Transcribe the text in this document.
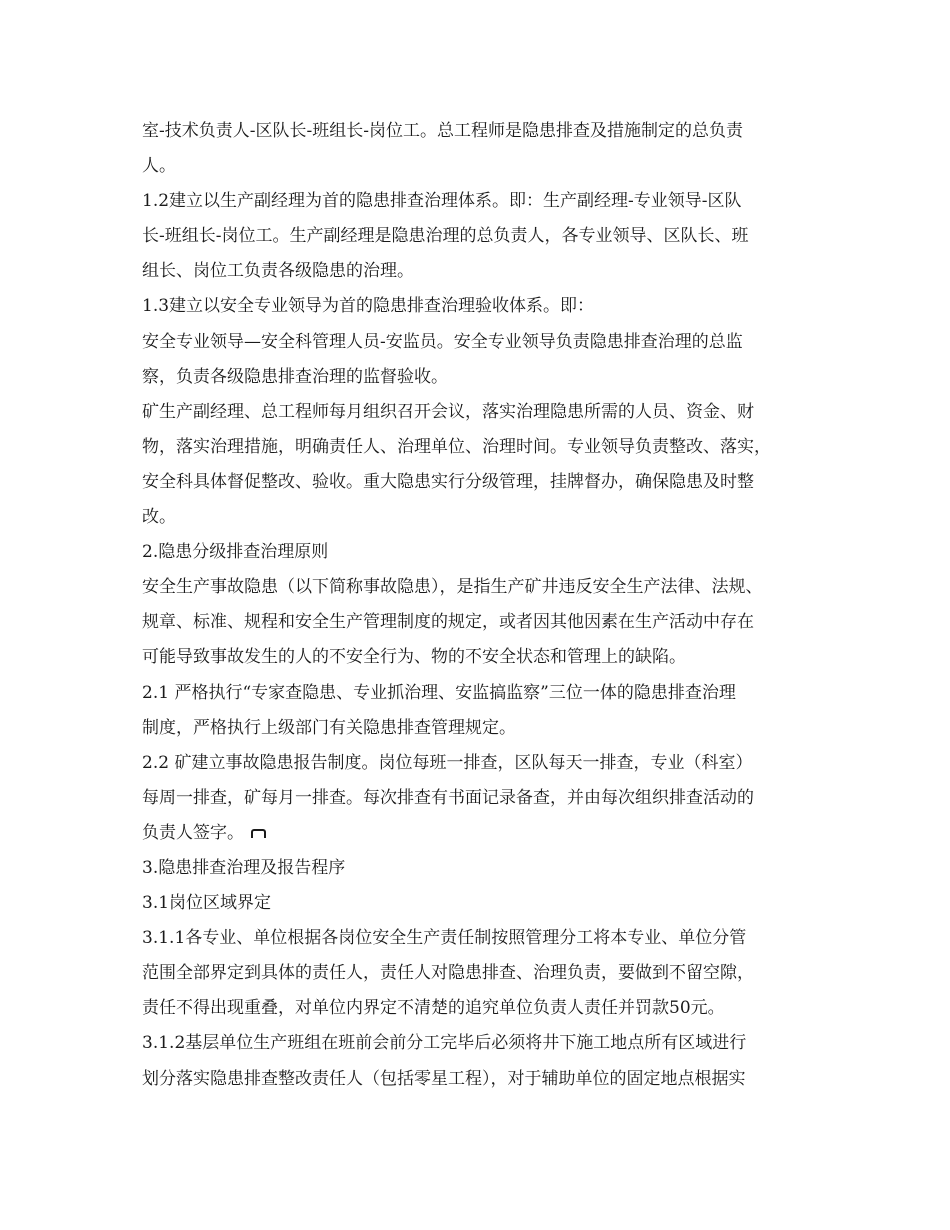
室-技术负责人-区队长-班组长-岗位工。总工程师是隐患排查及措施制定的总负责
人。
1.2建立以生产副经理为首的隐患排查治理体系。即：生产副经理-专业领导-区队
长-班组长-岗位工。生产副经理是隐患治理的总负责人，各专业领导、区队长、班
组长、岗位工负责各级隐患的治理。
1.3建立以安全专业领导为首的隐患排查治理验收体系。即：
安全专业领导—安全科管理人员-安监员。安全专业领导负责隐患排查治理的总监
察，负责各级隐患排查治理的监督验收。
矿生产副经理、总工程师每月组织召开会议，落实治理隐患所需的人员、资金、财
物，落实治理措施，明确责任人、治理单位、治理时间。专业领导负责整改、落实，
安全科具体督促整改、验收。重大隐患实行分级管理，挂牌督办，确保隐患及时整
改。
2.隐患分级排查治理原则
安全生产事故隐患（以下简称事故隐患），是指生产矿井违反安全生产法律、法规、
规章、标准、规程和安全生产管理制度的规定，或者因其他因素在生产活动中存在
可能导致事故发生的人的不安全行为、物的不安全状态和管理上的缺陷。
2.1 严格执行“专家查隐患、专业抓治理、安监搞监察”三位一体的隐患排查治理
制度，严格执行上级部门有关隐患排查管理规定。
2.2 矿建立事故隐患报告制度。岗位每班一排查，区队每天一排查，专业（科室）
每周一排查，矿每月一排查。每次排查有书面记录备查，并由每次组织排查活动的
负责人签字。
3.隐患排查治理及报告程序
3.1岗位区域界定
3.1.1各专业、单位根据各岗位安全生产责任制按照管理分工将本专业、单位分管
范围全部界定到具体的责任人，责任人对隐患排查、治理负责，要做到不留空隙，
责任不得出现重叠，对单位内界定不清楚的追究单位负责人责任并罚款50元。
3.1.2基层单位生产班组在班前会前分工完毕后必须将井下施工地点所有区域进行
划分落实隐患排查整改责任人（包括零星工程），对于辅助单位的固定地点根据实
